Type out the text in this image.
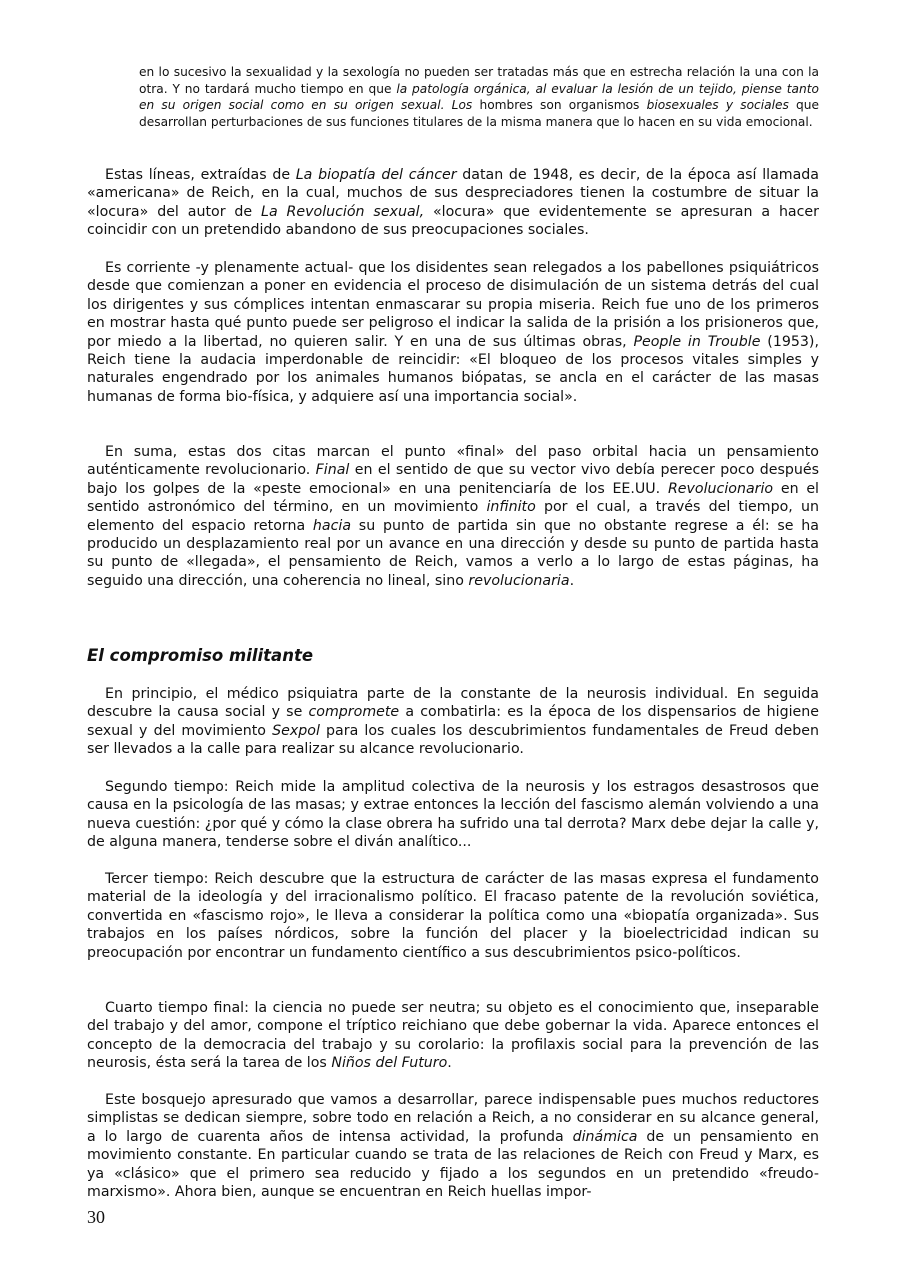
en lo sucesivo la sexualidad y la sexología no pueden ser tratadas más que en estrecha relación la una con la otra. Y no tardará mucho tiempo en que la patología orgánica, al evaluar la lesión de un tejido, piense tanto en su origen social como en su origen sexual. Los hombres son organismos biosexuales y sociales que desarrollan perturbaciones de sus funciones titulares de la misma manera que lo hacen en su vida emocional.

Estas líneas, extraídas de La biopatía del cáncer datan de 1948, es decir, de la época así llamada «americana» de Reich, en la cual, muchos de sus despreciadores tienen la costumbre de situar la «locura» del autor de La Revolución sexual, «locura» que evidentemente se apresuran a hacer coincidir con un pretendido abandono de sus preocupaciones sociales.

Es corriente -y plenamente actual- que los disidentes sean relegados a los pabellones psiquiátricos desde que comienzan a poner en evidencia el proceso de disimulación de un sistema detrás del cual los dirigentes y sus cómplices intentan enmascarar su propia miseria. Reich fue uno de los primeros en mostrar hasta qué punto puede ser peligroso el indicar la salida de la prisión a los prisioneros que, por miedo a la libertad, no quieren salir. Y en una de sus últimas obras, People in Trouble (1953), Reich tiene la audacia imperdonable de reincidir: «El bloqueo de los procesos vitales simples y naturales engendrado por los animales humanos biópatas, se ancla en el carácter de las masas humanas de forma bio-física, y adquiere así una importancia social».

En suma, estas dos citas marcan el punto «final» del paso orbital hacia un pensamiento auténticamente revolucionario. Final en el sentido de que su vector vivo debía perecer poco después bajo los golpes de la «peste emocional» en una penitenciaría de los EE.UU. Revolucionario en el sentido astronómico del término, en un movimiento infinito por el cual, a través del tiempo, un elemento del espacio retorna hacia su punto de partida sin que no obstante regrese a él: se ha producido un desplazamiento real por un avance en una dirección y desde su punto de partida hasta su punto de «llegada», el pensamiento de Reich, vamos a verlo a lo largo de estas páginas, ha seguido una dirección, una coherencia no lineal, sino revolucionaria.

El compromiso militante

En principio, el médico psiquiatra parte de la constante de la neurosis individual. En seguida descubre la causa social y se compromete a combatirla: es la época de los dispensarios de higiene sexual y del movimiento Sexpol para los cuales los descubrimientos fundamentales de Freud deben ser llevados a la calle para realizar su alcance revolucionario.

Segundo tiempo: Reich mide la amplitud colectiva de la neurosis y los estragos desastrosos que causa en la psicología de las masas; y extrae entonces la lección del fascismo alemán volviendo a una nueva cuestión: ¿por qué y cómo la clase obrera ha sufrido una tal derrota? Marx debe dejar la calle y, de alguna manera, tenderse sobre el diván analítico...

Tercer tiempo: Reich descubre que la estructura de carácter de las masas expresa el fundamento material de la ideología y del irracionalismo político. El fracaso patente de la revolución soviética, convertida en «fascismo rojo», le lleva a considerar la política como una «biopatía organizada». Sus trabajos en los países nórdicos, sobre la función del placer y la bioelectricidad indican su preocupación por encontrar un fundamento científico a sus descubrimientos psico-políticos.

Cuarto tiempo final: la ciencia no puede ser neutra; su objeto es el conocimiento que, inseparable del trabajo y del amor, compone el tríptico reichiano que debe gobernar la vida. Aparece entonces el concepto de la democracia del trabajo y su corolario: la profilaxis social para la prevención de las neurosis, ésta será la tarea de los Niños del Futuro.

Este bosquejo apresurado que vamos a desarrollar, parece indispensable pues muchos reductores simplistas se dedican siempre, sobre todo en relación a Reich, a no considerar en su alcance general, a lo largo de cuarenta años de intensa actividad, la profunda dinámica de un pensamiento en movimiento constante. En particular cuando se trata de las relaciones de Reich con Freud y Marx, es ya «clásico» que el primero sea reducido y fijado a los segundos en un pretendido «freudo-marxismo». Ahora bien, aunque se encuentran en Reich huellas impor-

30
